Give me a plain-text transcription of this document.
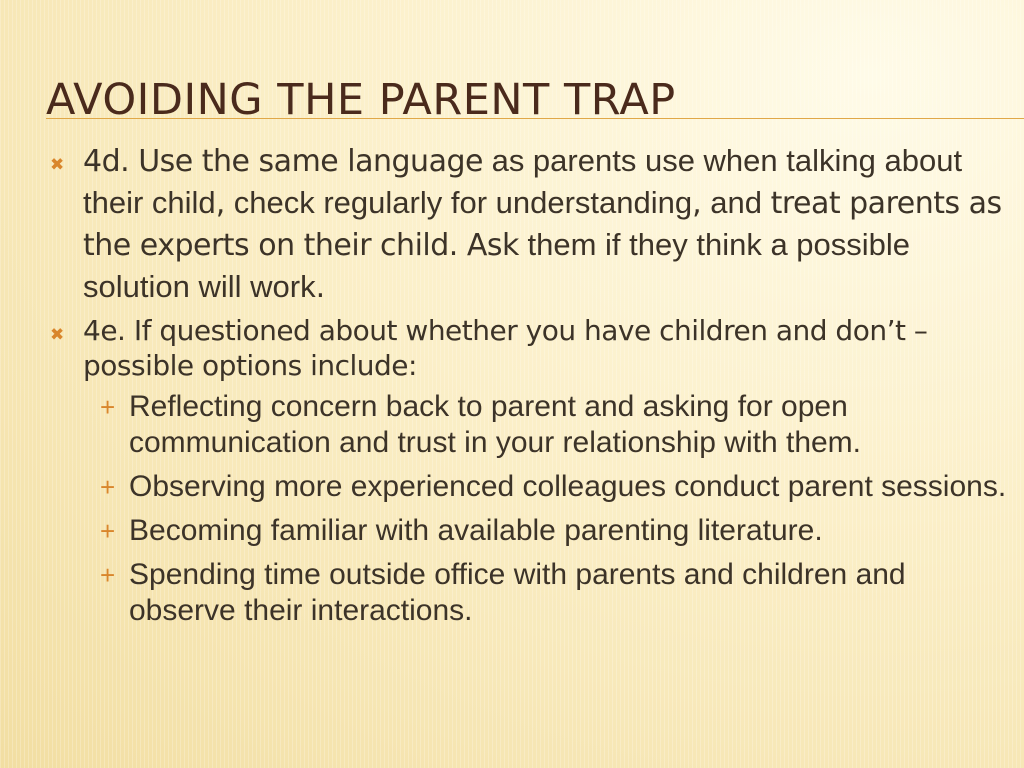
AVOIDING THE PARENT TRAP
✖ 4d. Use the same language as parents use when talking about their child, check regularly for understanding, and treat parents as the experts on their child. Ask them if they think a possible solution will work.
✖ 4e. If questioned about whether you have children and don’t – possible options include:
+ Reflecting concern back to parent and asking for open communication and trust in your relationship with them.
+ Observing more experienced colleagues conduct parent sessions.
+ Becoming familiar with available parenting literature.
+ Spending time outside office with parents and children and observe their interactions.
